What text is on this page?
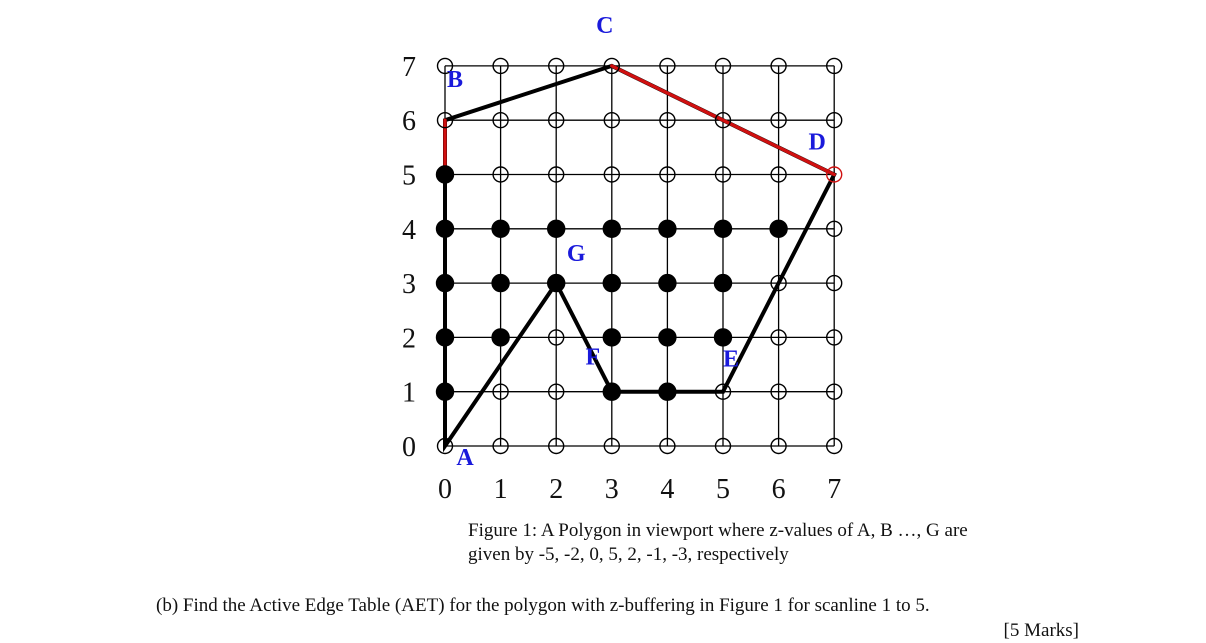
0 1 2 3 4 5 6 7
0
1
2
3
4
5
6
7
A
B
C
D
E
F
G

Figure 1: A Polygon in viewport where z-values of A, B …, G are
given by -5, -2, 0, 5, 2, -1, -3, respectively

(b) Find the Active Edge Table (AET) for the polygon with z-buffering in Figure 1 for scanline 1 to 5.

[5 Marks]
